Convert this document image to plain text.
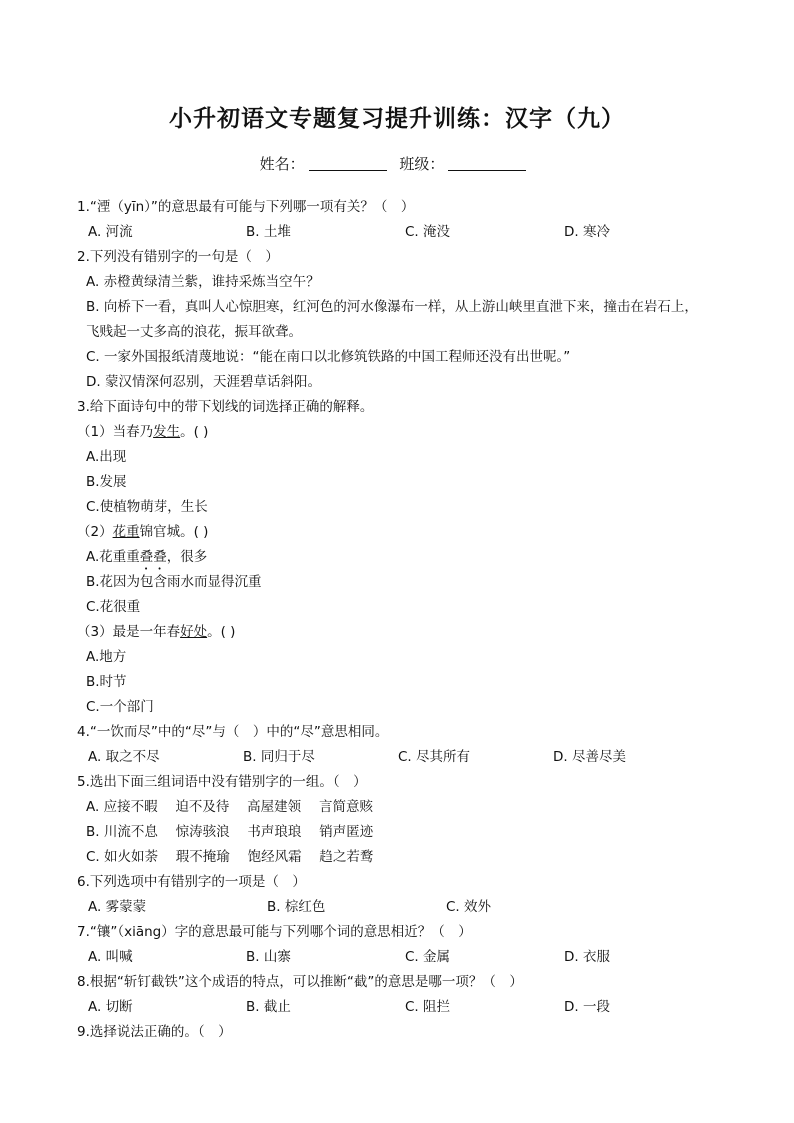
小升初语文专题复习提升训练：汉字（九）
姓名：	班级：
1.“湮（yīn）”的意思最有可能与下列哪一项有关？（　）
A. 河流	B. 土堆	C. 淹没	D. 寒冷
2.下列没有错别字的一句是（　）
A. 赤橙黄绿清兰紫，谁持采炼当空午？
B. 向桥下一看，真叫人心惊胆寒，红河色的河水像瀑布一样，从上游山峡里直泄下来，撞击在岩石上，
飞贱起一丈多高的浪花，振耳欲聋。
C. 一家外国报纸清蔑地说：“能在南口以北修筑铁路的中国工程师还没有出世呢。”
D. 蒙汉情深何忍别，天涯碧草话斜阳。
3.给下面诗句中的带下划线的词选择正确的解释。
（1）当春乃发生。( )
A.出现
B.发展
C.使植物萌芽，生长
（2）花重锦官城。( )
A.花重重叠叠，很多
B.花因为包含雨水而显得沉重
C.花很重
（3）最是一年春好处。( )
A.地方
B.时节
C.一个部门
4.“一饮而尽”中的“尽”与（　）中的“尽”意思相同。
A. 取之不尽	B. 同归于尽	C. 尽其所有	D. 尽善尽美
5.选出下面三组词语中没有错别字的一组。（　）
A. 应接不暇　 迫不及待　 高屋建领　 言简意赅
B. 川流不息　 惊涛骇浪　 书声琅琅　 销声匿迹
C. 如火如荼　 瑕不掩瑜　 饱经风霜　 趋之若鹜
6.下列选项中有错别字的一项是（　）
A. 雾蒙蒙	B. 棕红色	C. 效外
7.“镶”（xiāng）字的意思最可能与下列哪个词的意思相近？（　）
A. 叫喊	B. 山寨	C. 金属	D. 衣服
8.根据“斩钉截铁”这个成语的特点，可以推断“截”的意思是哪一项？（　）
A. 切断	B. 截止	C. 阻拦	D. 一段
9.选择说法正确的。（　）
